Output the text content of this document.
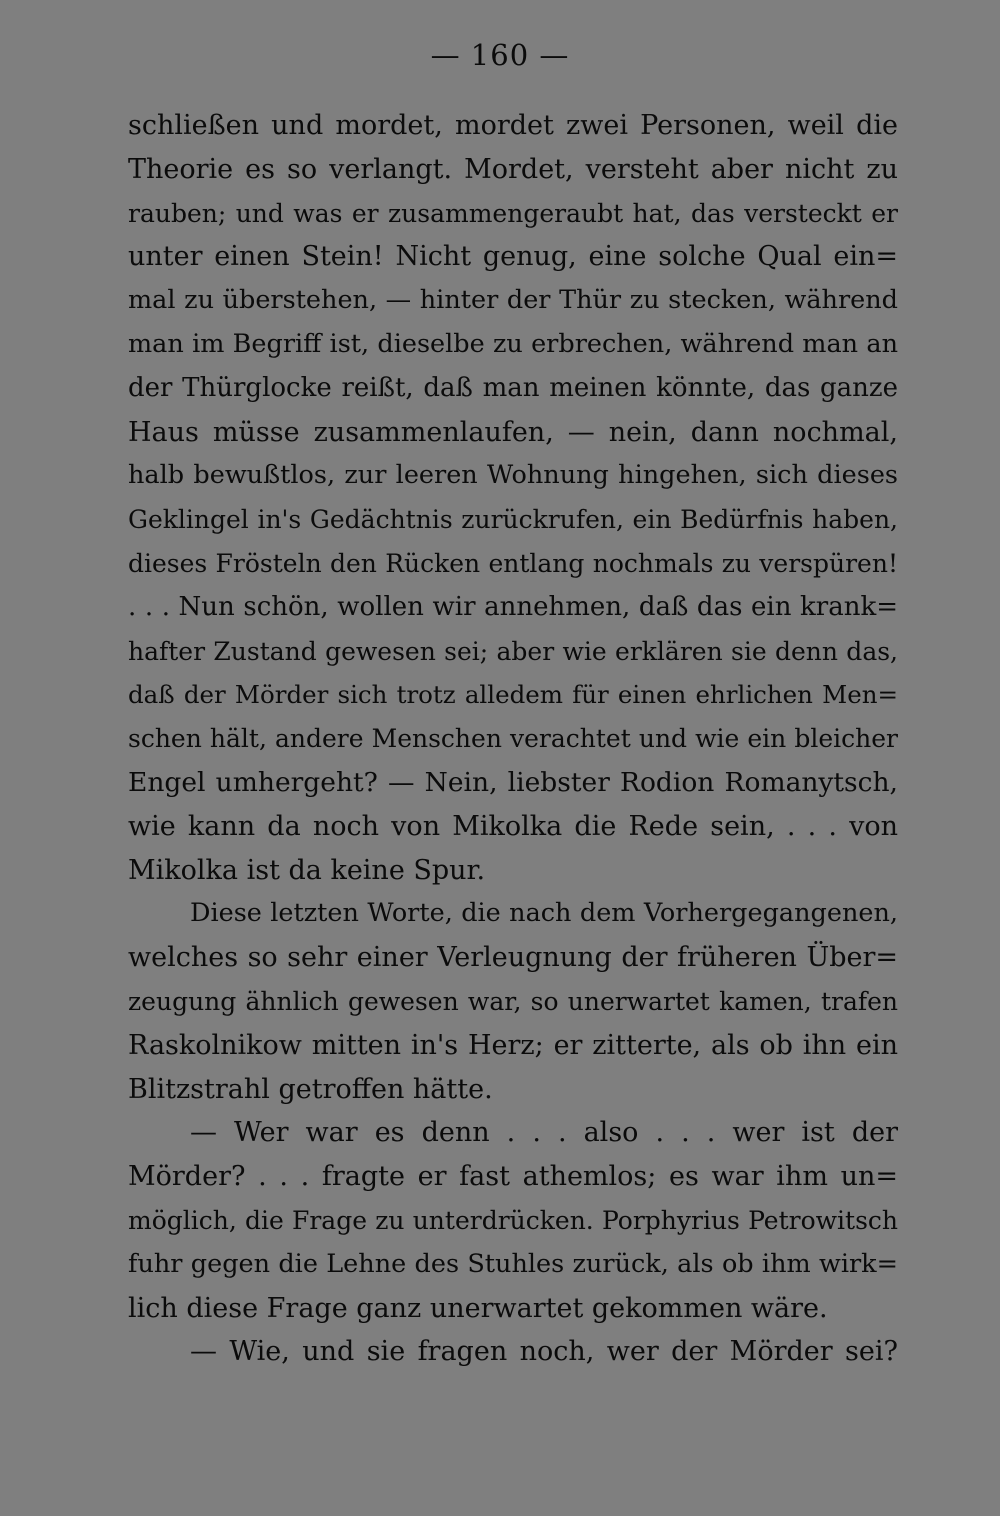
— 160 —
schließen und mordet, mordet zwei Personen, weil die
Theorie es so verlangt. Mordet, versteht aber nicht zu
rauben; und was er zusammengeraubt hat, das versteckt er
unter einen Stein! Nicht genug, eine solche Qual ein=
mal zu überstehen, — hinter der Thür zu stecken, während
man im Begriff ist, dieselbe zu erbrechen, während man an
der Thürglocke reißt, daß man meinen könnte, das ganze
Haus müsse zusammenlaufen, — nein, dann nochmal,
halb bewußtlos, zur leeren Wohnung hingehen, sich dieses
Geklingel in's Gedächtnis zurückrufen, ein Bedürfnis haben,
dieses Frösteln den Rücken entlang nochmals zu verspüren!
. . . Nun schön, wollen wir annehmen, daß das ein krank=
hafter Zustand gewesen sei; aber wie erklären sie denn das,
daß der Mörder sich trotz alledem für einen ehrlichen Men=
schen hält, andere Menschen verachtet und wie ein bleicher
Engel umhergeht? — Nein, liebster Rodion Romanytsch,
wie kann da noch von Mikolka die Rede sein, . . . von
Mikolka ist da keine Spur.
Diese letzten Worte, die nach dem Vorhergegangenen,
welches so sehr einer Verleugnung der früheren Über=
zeugung ähnlich gewesen war, so unerwartet kamen, trafen
Raskolnikow mitten in's Herz; er zitterte, als ob ihn ein
Blitzstrahl getroffen hätte.
— Wer war es denn . . . also . . . wer ist der
Mörder? . . . fragte er fast athemlos; es war ihm un=
möglich, die Frage zu unterdrücken. Porphyrius Petrowitsch
fuhr gegen die Lehne des Stuhles zurück, als ob ihm wirk=
lich diese Frage ganz unerwartet gekommen wäre.
— Wie, und sie fragen noch, wer der Mörder sei?
